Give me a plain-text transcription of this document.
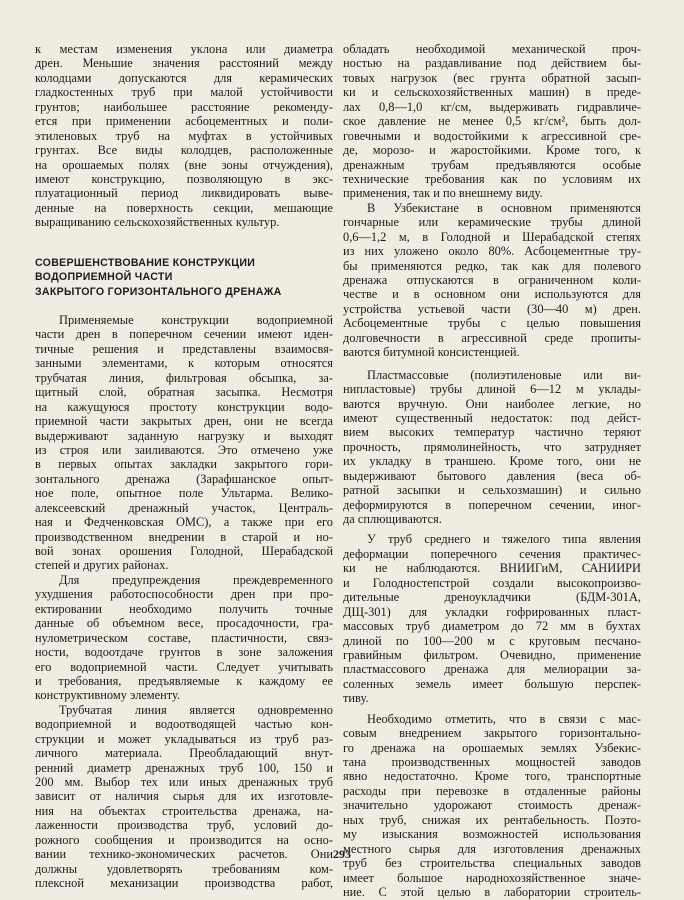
к местам изменения уклона или диаметра
дрен. Меньшие значения расстояний между
колодцами допускаются для керамических
гладкостенных труб при малой устойчивости
грунтов; наибольшее расстояние рекоменду-
ется при применении асбоцементных и поли-
этиленовых труб на муфтах в устойчивых
грунтах. Все виды колодцев, расположенные
на орошаемых полях (вне зоны отчуждения),
имеют конструкцию, позволяющую в экс-
плуатационный период ликвидировать выве-
денные на поверхность секции, мешающие
выращиванию сельскохозяйственных культур.
СОВЕРШЕНСТВОВАНИЕ КОНСТРУКЦИИ
ВОДОПРИЕМНОЙ ЧАСТИ
ЗАКРЫТОГО ГОРИЗОНТАЛЬНОГО ДРЕНАЖА
Применяемые конструкции водоприемной
части дрен в поперечном сечении имеют иден-
тичные решения и представлены взаимосвя-
занными элементами, к которым относятся
трубчатая линия, фильтровая обсыпка, за-
щитный слой, обратная засыпка. Несмотря
на кажущуюся простоту конструкции водо-
приемной части закрытых дрен, они не всегда
выдерживают заданную нагрузку и выходят
из строя или заиливаются. Это отмечено уже
в первых опытах закладки закрытого гори-
зонтального дренажа (Зарафшанское опыт-
ное поле, опытное поле Ультарма. Велико-
алексеевский дренажный участок, Централь-
ная и Федченковская ОМС), а также при его
производственном внедрении в старой и но-
вой зонах орошения Голодной, Шерабадской
степей и других районах.
Для предупреждения преждевременного
ухудшения работоспособности дрен при про-
ектировании необходимо получить точные
данные об объемном весе, просадочности, гра-
нулометрическом составе, пластичности, связ-
ности, водоотдаче грунтов в зоне заложения
его водоприемной части. Следует учитывать
и требования, предъявляемые к каждому ее
конструктивному элементу.
Трубчатая линия является одновременно
водоприемной и водоотводящей частью кон-
струкции и может укладываться из труб раз-
личного материала. Преобладающий внут-
ренний диаметр дренажных труб 100, 150 и
200 мм. Выбор тех или иных дренажных труб
зависит от наличия сырья для их изготовле-
ния на объектах строительства дренажа, на-
лаженности производства труб, условий до-
рожного сообщения и производится на осно-
вании технико-экономических расчетов. Они
должны удовлетворять требованиям ком-
плексной механизации производства работ,
обладать необходимой механической проч-
ностью на раздавливание под действием бы-
товых нагрузок (вес грунта обратной засып-
ки и сельскохозяйственных машин) в преде-
лах 0,8—1,0 кг/см, выдерживать гидравличе-
ское давление не менее 0,5 кг/см², быть дол-
говечными и водостойкими к агрессивной сре-
де, морозо- и жаростойкими. Кроме того, к
дренажным трубам предъявляются особые
технические требования как по условиям их
применения, так и по внешнему виду.
В Узбекистане в основном применяются
гончарные или керамические трубы длиной
0,6—1,2 м, в Голодной и Шерабадской степях
из них уложено около 80%. Асбоцементные тру-
бы применяются редко, так как для полевого
дренажа отпускаются в ограниченном коли-
честве и в основном они используются для
устройства устьевой части (30—40 м) дрен.
Асбоцементные трубы с целью повышения
долговечности в агрессивной среде пропиты-
ваются битумной консистенцией.
Пластмассовые (полиэтиленовые или ви-
нипластовые) трубы длиной 6—12 м уклады-
ваются вручную. Они наиболее легкие, но
имеют существенный недостаток: под дейст-
вием высоких температур частично теряют
прочность, прямолинейность, что затрудняет
их укладку в траншею. Кроме того, они не
выдерживают бытового давления (веса об-
ратной засыпки и сельхозмашин) и сильно
деформируются в поперечном сечении, иног-
да сплющиваются.
У труб среднего и тяжелого типа явления
деформации поперечного сечения практичес-
ки не наблюдаются. ВНИИГиМ, САНИИРИ
и Голодностепстрой создали высокопроизво-
дительные дреноукладчики (БДМ-301А,
ДЩ-301) для укладки гофрированных пласт-
массовых труб диаметром до 72 мм в бухтах
длиной по 100—200 м с круговым песчано-
гравийным фильтром. Очевидно, применение
пластмассового дренажа для мелиорации за-
соленных земель имеет большую перспек-
тиву.
Необходимо отметить, что в связи с мас-
совым внедрением закрытого горизонтально-
го дренажа на орошаемых землях Узбекис-
тана производственных мощностей заводов
явно недостаточно. Кроме того, транспортные
расходы при перевозке в отдаленные районы
значительно удорожают стоимость дренаж-
ных труб, снижая их рентабельность. Поэто-
му изыскания возможностей использования
местного сырья для изготовления дренажных
труб без строительства специальных заводов
имеет большое народнохозяйственное значе-
ние. С этой целью в лаборатории строитель-
293
